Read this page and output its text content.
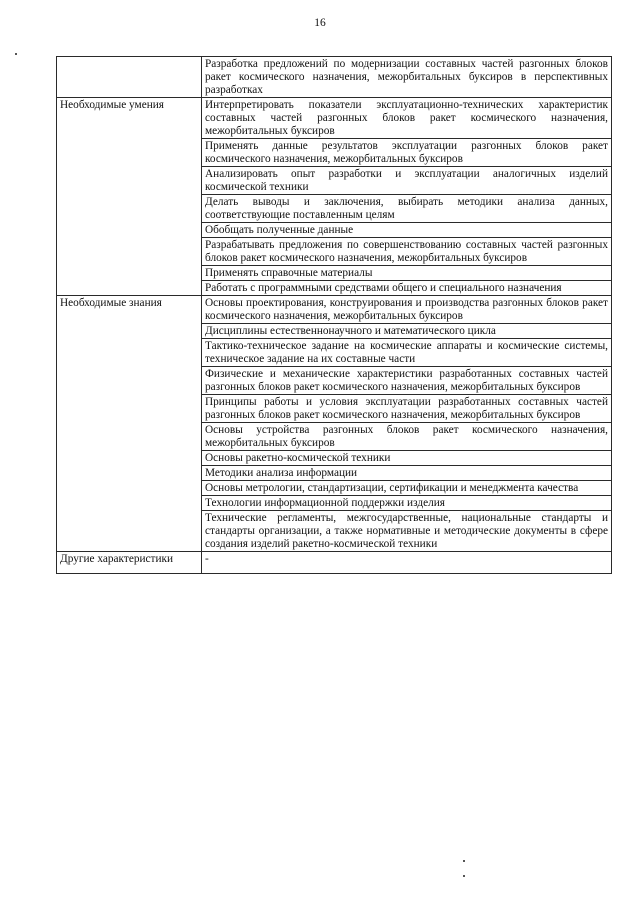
16

	Разработка предложений по модернизации составных частей разгонных блоков ракет космического назначения, межорбитальных буксиров в перспективных разработках

Необходимые умения	Интерпретировать показатели эксплуатационно-технических характеристик составных частей разгонных блоков ракет космического назначения, межорбитальных буксиров

	Применять данные результатов эксплуатации разгонных блоков ракет космического назначения, межорбитальных буксиров

	Анализировать опыт разработки и эксплуатации аналогичных изделий космической техники

	Делать выводы и заключения, выбирать методики анализа данных, соответствующие поставленным целям

	Обобщать полученные данные

	Разрабатывать предложения по совершенствованию составных частей разгонных блоков ракет космического назначения, межорбитальных буксиров

	Применять справочные материалы

	Работать с программными средствами общего и специального назначения

Необходимые знания	Основы проектирования, конструирования и производства разгонных блоков ракет космического назначения, межорбитальных буксиров

	Дисциплины естественнонаучного и математического цикла

	Тактико-техническое задание на космические аппараты и космические системы, техническое задание на их составные части

	Физические и механические характеристики разработанных составных частей разгонных блоков ракет космического назначения, межорбитальных буксиров

	Принципы работы и условия эксплуатации разработанных составных частей разгонных блоков ракет космического назначения, межорбитальных буксиров

	Основы устройства разгонных блоков ракет космического назначения, межорбитальных буксиров

	Основы ракетно-космической техники

	Методики анализа информации

	Основы метрологии, стандартизации, сертификации и менеджмента качества

	Технологии информационной поддержки изделия

	Технические регламенты, межгосударственные, национальные стандарты и стандарты организации, а также нормативные и методические документы в сфере создания изделий ракетно-космической техники

Другие характеристики	-
